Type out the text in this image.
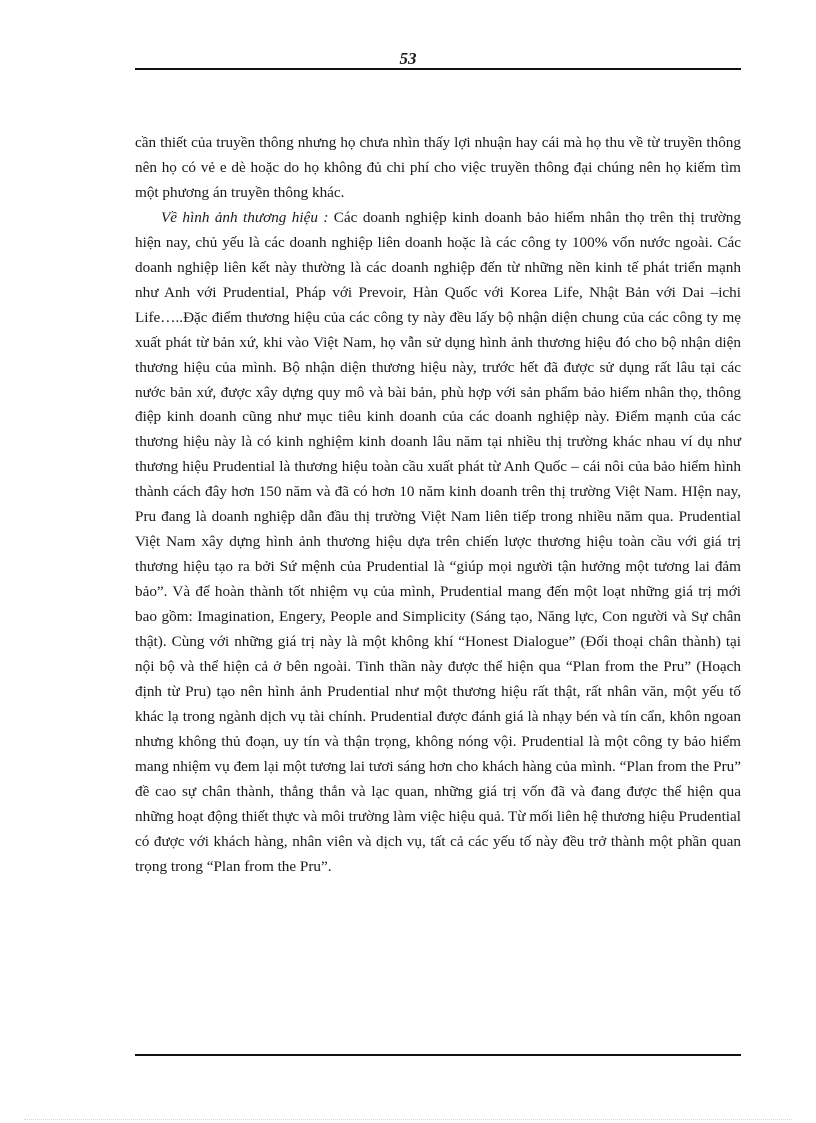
53

cần thiết của truyền thông nhưng họ chưa nhìn thấy lợi nhuận hay cái mà họ thu về từ truyền thông nên họ có vẻ e dè hoặc do họ không đủ chi phí cho việc truyền thông đại chúng nên họ kiếm tìm một phương án truyền thông khác.

Về hình ảnh thương hiệu : Các doanh nghiệp kinh doanh bảo hiểm nhân thọ trên thị trường hiện nay, chủ yếu là các doanh nghiệp liên doanh hoặc là các công ty 100% vốn nước ngoài. Các doanh nghiệp liên kết này thường là các doanh nghiệp đến từ những nền kinh tế phát triển mạnh như Anh với Prudential, Pháp với Prevoir, Hàn Quốc với Korea Life, Nhật Bản với Dai –ichi Life…..Đặc điểm thương hiệu của các công ty này đều lấy bộ nhận diện chung của các công ty mẹ xuất phát từ bản xứ, khi vào Việt Nam, họ vẫn sử dụng hình ảnh thương hiệu đó cho bộ nhận diện thương hiệu của mình. Bộ nhận diện thương hiệu này, trước hết đã được sử dụng rất lâu tại các nước bản xứ, được xây dựng quy mô và bài bản, phù hợp với sản phẩm bảo hiểm nhân thọ, thông điệp kinh doanh cũng như mục tiêu kinh doanh của các doanh nghiệp này. Điểm mạnh của các thương hiệu này là có kinh nghiệm kinh doanh lâu năm tại nhiều thị trường khác nhau ví dụ như thương hiệu Prudential là thương hiệu toàn cầu xuất phát từ Anh Quốc – cái nôi của bảo hiểm hình thành cách đây hơn 150 năm và đã có hơn 10 năm kinh doanh trên thị trường Việt Nam. HIện nay, Pru đang là doanh nghiệp dẫn đầu thị trường Việt Nam liên tiếp trong nhiều năm qua. Prudential Việt Nam xây dựng hình ảnh thương hiệu dựa trên chiến lược thương hiệu toàn cầu với giá trị thương hiệu tạo ra bởi Sứ mệnh của Prudential là “giúp mọi người tận hưởng một tương lai đảm bảo”. Và để hoàn thành tốt nhiệm vụ của mình, Prudential mang đến một loạt những giá trị mới bao gồm: Imagination, Engery, People and Simplicity (Sáng tạo, Năng lực, Con người và Sự chân thật). Cùng với những giá trị này là một không khí “Honest Dialogue” (Đối thoại chân thành) tại nội bộ và thể hiện cả ở bên ngoài. Tinh thần này được thể hiện qua “Plan from the Pru” (Hoạch định từ Pru) tạo nên hình ảnh Prudential như một thương hiệu rất thật, rất nhân văn, một yếu tố khác lạ trong ngành dịch vụ tài chính. Prudential được đánh giá là nhạy bén và tín cẩn, khôn ngoan nhưng không thủ đoạn, uy tín và thận trọng, không nóng vội. Prudential là một công ty bảo hiểm mang nhiệm vụ đem lại một tương lai tươi sáng hơn cho khách hàng của mình. “Plan from the Pru” đề cao sự chân thành, thẳng thắn và lạc quan, những giá trị vốn đã và đang được thể hiện qua những hoạt động thiết thực và môi trường làm việc hiệu quả. Từ mối liên hệ thương hiệu Prudential có được với khách hàng, nhân viên và dịch vụ, tất cả các yếu tố này đều trở thành một phần quan trọng trong “Plan from the Pru”.
